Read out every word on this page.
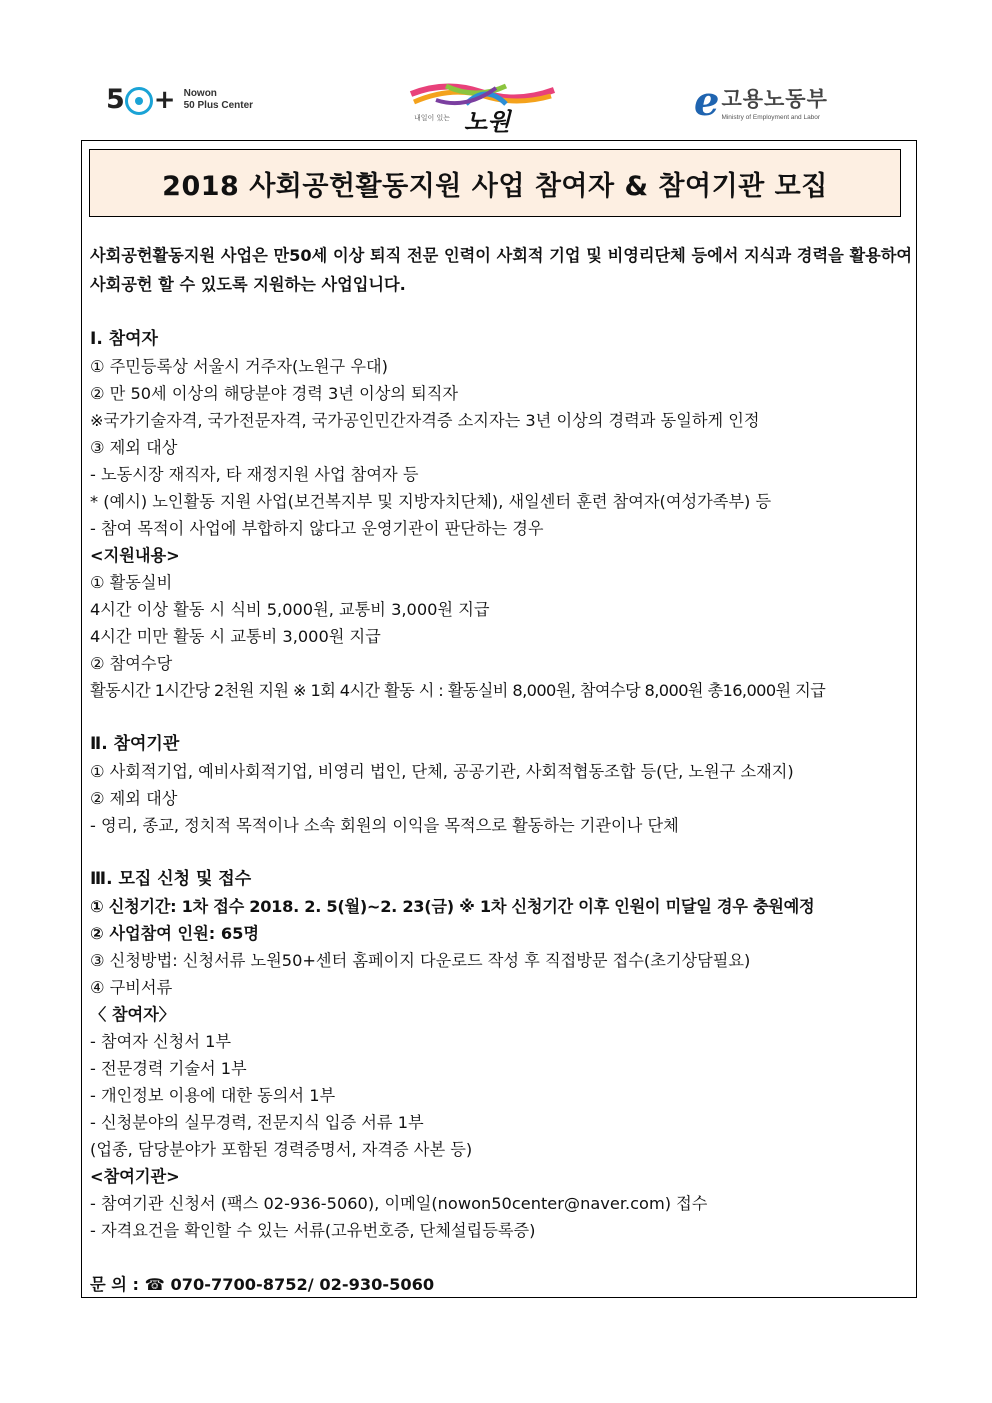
5 + Nowon
50 Plus Center
내일이 있는 노원	e 고용노동부
Ministry of Employment and Labor
2018 사회공헌활동지원 사업 참여자 & 참여기관 모집
사회공헌활동지원 사업은 만50세 이상 퇴직 전문 인력이 사회적 기업 및 비영리단체 등에서 지식과 경력을 활용하여 사회공헌 할 수 있도록 지원하는 사업입니다.
Ⅰ. 참여자
① 주민등록상 서울시 거주자(노원구 우대)
② 만 50세 이상의 해당분야 경력 3년 이상의 퇴직자
※국가기술자격, 국가전문자격, 국가공인민간자격증 소지자는 3년 이상의 경력과 동일하게 인정
③ 제외 대상
- 노동시장 재직자, 타 재정지원 사업 참여자 등
* (예시) 노인활동 지원 사업(보건복지부 및 지방자치단체), 새일센터 훈련 참여자(여성가족부) 등
- 참여 목적이 사업에 부합하지 않다고 운영기관이 판단하는 경우
<지원내용>
① 활동실비
4시간 이상 활동 시 식비 5,000원, 교통비 3,000원 지급
4시간 미만 활동 시 교통비 3,000원 지급
② 참여수당
활동시간 1시간당 2천원 지원 ※ 1회 4시간 활동 시 : 활동실비 8,000원, 참여수당 8,000원 총16,000원 지급
Ⅱ. 참여기관
① 사회적기업, 예비사회적기업, 비영리 법인, 단체, 공공기관, 사회적협동조합 등(단, 노원구 소재지)
② 제외 대상
- 영리, 종교, 정치적 목적이나 소속 회원의 이익을 목적으로 활동하는 기관이나 단체
Ⅲ. 모집 신청 및 접수
① 신청기간: 1차 접수 2018. 2. 5(월)~2. 23(금) ※ 1차 신청기간 이후 인원이 미달일 경우 충원예정
② 사업참여 인원: 65명
③ 신청방법: 신청서류 노원50+센터 홈페이지 다운로드 작성 후 직접방문 접수(초기상담필요)
④ 구비서류
〈 참여자〉
- 참여자 신청서 1부
- 전문경력 기술서 1부
- 개인정보 이용에 대한 동의서 1부
- 신청분야의 실무경력, 전문지식 입증 서류 1부
(업종, 담당분야가 포함된 경력증명서, 자격증 사본 등)
<참여기관>
- 참여기관 신청서 (팩스 02-936-5060), 이메일(nowon50center@naver.com) 접수
- 자격요건을 확인할 수 있는 서류(고유번호증, 단체설립등록증)
문 의 : ☎ 070-7700-8752/ 02-930-5060
